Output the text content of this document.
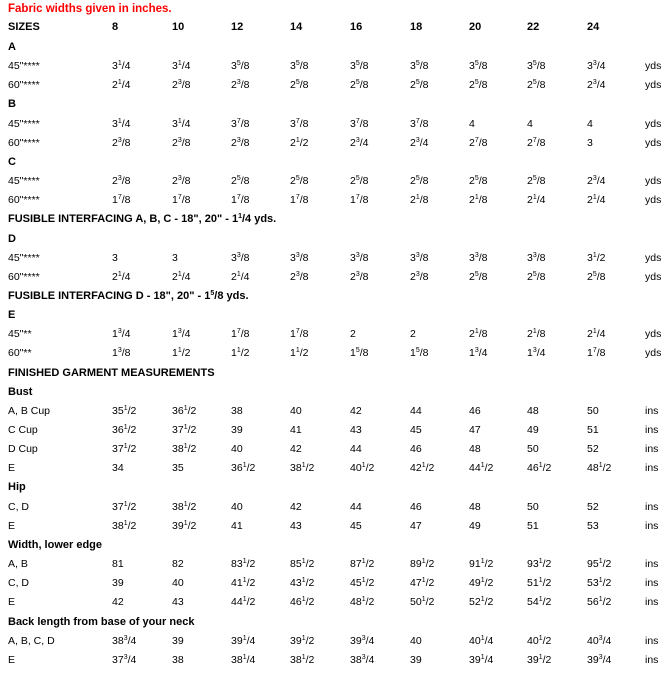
Fabric widths given in inches.
SIZES	8	10	12	14	16	18	20	22	24
A
45"****	$3^1/4$	$3^1/4$	$3^5/8$	$3^5/8$	$3^5/8$	$3^5/8$	$3^5/8$	$3^5/8$	$3^3/4$	yds
60"****	$2^1/4$	$2^3/8$	$2^3/8$	$2^5/8$	$2^5/8$	$2^5/8$	$2^5/8$	$2^5/8$	$2^3/4$	yds
B
45"****	$3^1/4$	$3^1/4$	$3^7/8$	$3^7/8$	$3^7/8$	$3^7/8$	4	4	4	yds
60"****	$2^3/8$	$2^3/8$	$2^3/8$	$2^1/2$	$2^3/4$	$2^3/4$	$2^7/8$	$2^7/8$	3	yds
C
45"****	$2^3/8$	$2^3/8$	$2^5/8$	$2^5/8$	$2^5/8$	$2^5/8$	$2^5/8$	$2^5/8$	$2^3/4$	yds
60"****	$1^7/8$	$1^7/8$	$1^7/8$	$1^7/8$	$1^7/8$	$2^1/8$	$2^1/8$	$2^1/4$	$2^1/4$	yds
FUSIBLE INTERFACING A, B, C - 18", 20" - $1^1/4$ yds.
D
45"****	3	3	$3^3/8$	$3^3/8$	$3^3/8$	$3^3/8$	$3^3/8$	$3^3/8$	$3^1/2$	yds
60"****	$2^1/4$	$2^1/4$	$2^1/4$	$2^3/8$	$2^3/8$	$2^3/8$	$2^5/8$	$2^5/8$	$2^5/8$	yds
FUSIBLE INTERFACING D - 18", 20" - $1^5/8$ yds.
E
45"**	$1^3/4$	$1^3/4$	$1^7/8$	$1^7/8$	2	2	$2^1/8$	$2^1/8$	$2^1/4$	yds
60"**	$1^3/8$	$1^1/2$	$1^1/2$	$1^1/2$	$1^5/8$	$1^5/8$	$1^3/4$	$1^3/4$	$1^7/8$	yds
FINISHED GARMENT MEASUREMENTS
Bust
A, B Cup	$35^1/2$	$36^1/2$	38	40	42	44	46	48	50	ins
C Cup	$36^1/2$	$37^1/2$	39	41	43	45	47	49	51	ins
D Cup	$37^1/2$	$38^1/2$	40	42	44	46	48	50	52	ins
E	34	35	$36^1/2$	$38^1/2$	$40^1/2$	$42^1/2$	$44^1/2$	$46^1/2$	$48^1/2$	ins
Hip
C, D	$37^1/2$	$38^1/2$	40	42	44	46	48	50	52	ins
E	$38^1/2$	$39^1/2$	41	43	45	47	49	51	53	ins
Width, lower edge
A, B	81	82	$83^1/2$	$85^1/2$	$87^1/2$	$89^1/2$	$91^1/2$	$93^1/2$	$95^1/2$	ins
C, D	39	40	$41^1/2$	$43^1/2$	$45^1/2$	$47^1/2$	$49^1/2$	$51^1/2$	$53^1/2$	ins
E	42	43	$44^1/2$	$46^1/2$	$48^1/2$	$50^1/2$	$52^1/2$	$54^1/2$	$56^1/2$	ins
Back length from base of your neck
A, B, C, D	$38^3/4$	39	$39^1/4$	$39^1/2$	$39^3/4$	40	$40^1/4$	$40^1/2$	$40^3/4$	ins
E	$37^3/4$	38	$38^1/4$	$38^1/2$	$38^3/4$	39	$39^1/4$	$39^1/2$	$39^3/4$	ins
